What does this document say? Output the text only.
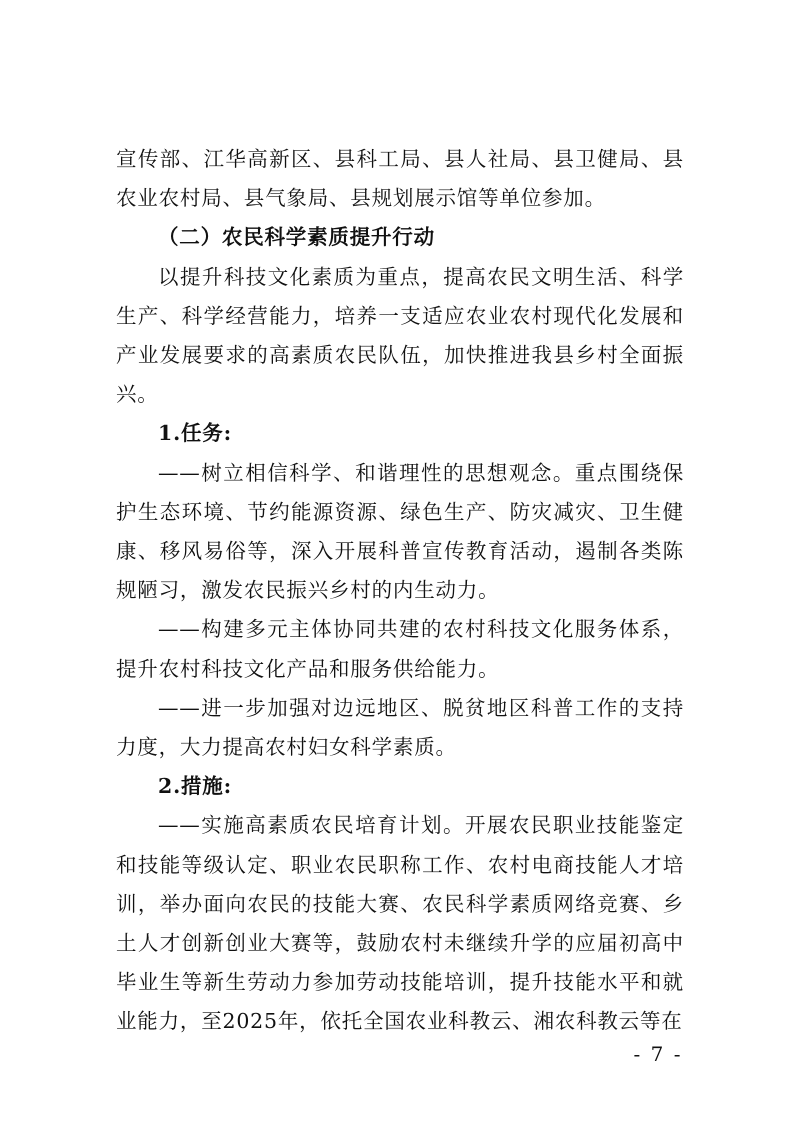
宣传部、江华高新区、县科工局、县人社局、县卫健局、县农业农村局、县气象局、县规划展示馆等单位参加。

（二）农民科学素质提升行动

以提升科技文化素质为重点，提高农民文明生活、科学生产、科学经营能力，培养一支适应农业农村现代化发展和产业发展要求的高素质农民队伍，加快推进我县乡村全面振兴。

1.任务:

——树立相信科学、和谐理性的思想观念。重点围绕保护生态环境、节约能源资源、绿色生产、防灾减灾、卫生健康、移风易俗等，深入开展科普宣传教育活动，遏制各类陈规陋习，激发农民振兴乡村的内生动力。

——构建多元主体协同共建的农村科技文化服务体系，提升农村科技文化产品和服务供给能力。

——进一步加强对边远地区、脱贫地区科普工作的支持力度，大力提高农村妇女科学素质。

2.措施:

——实施高素质农民培育计划。开展农民职业技能鉴定和技能等级认定、职业农民职称工作、农村电商技能人才培训，举办面向农民的技能大赛、农民科学素质网络竞赛、乡土人才创新创业大赛等，鼓励农村未继续升学的应届初高中毕业生等新生劳动力参加劳动技能培训，提升技能水平和就业能力，至2025年，依托全国农业科教云、湘农科教云等在

- 7 -
